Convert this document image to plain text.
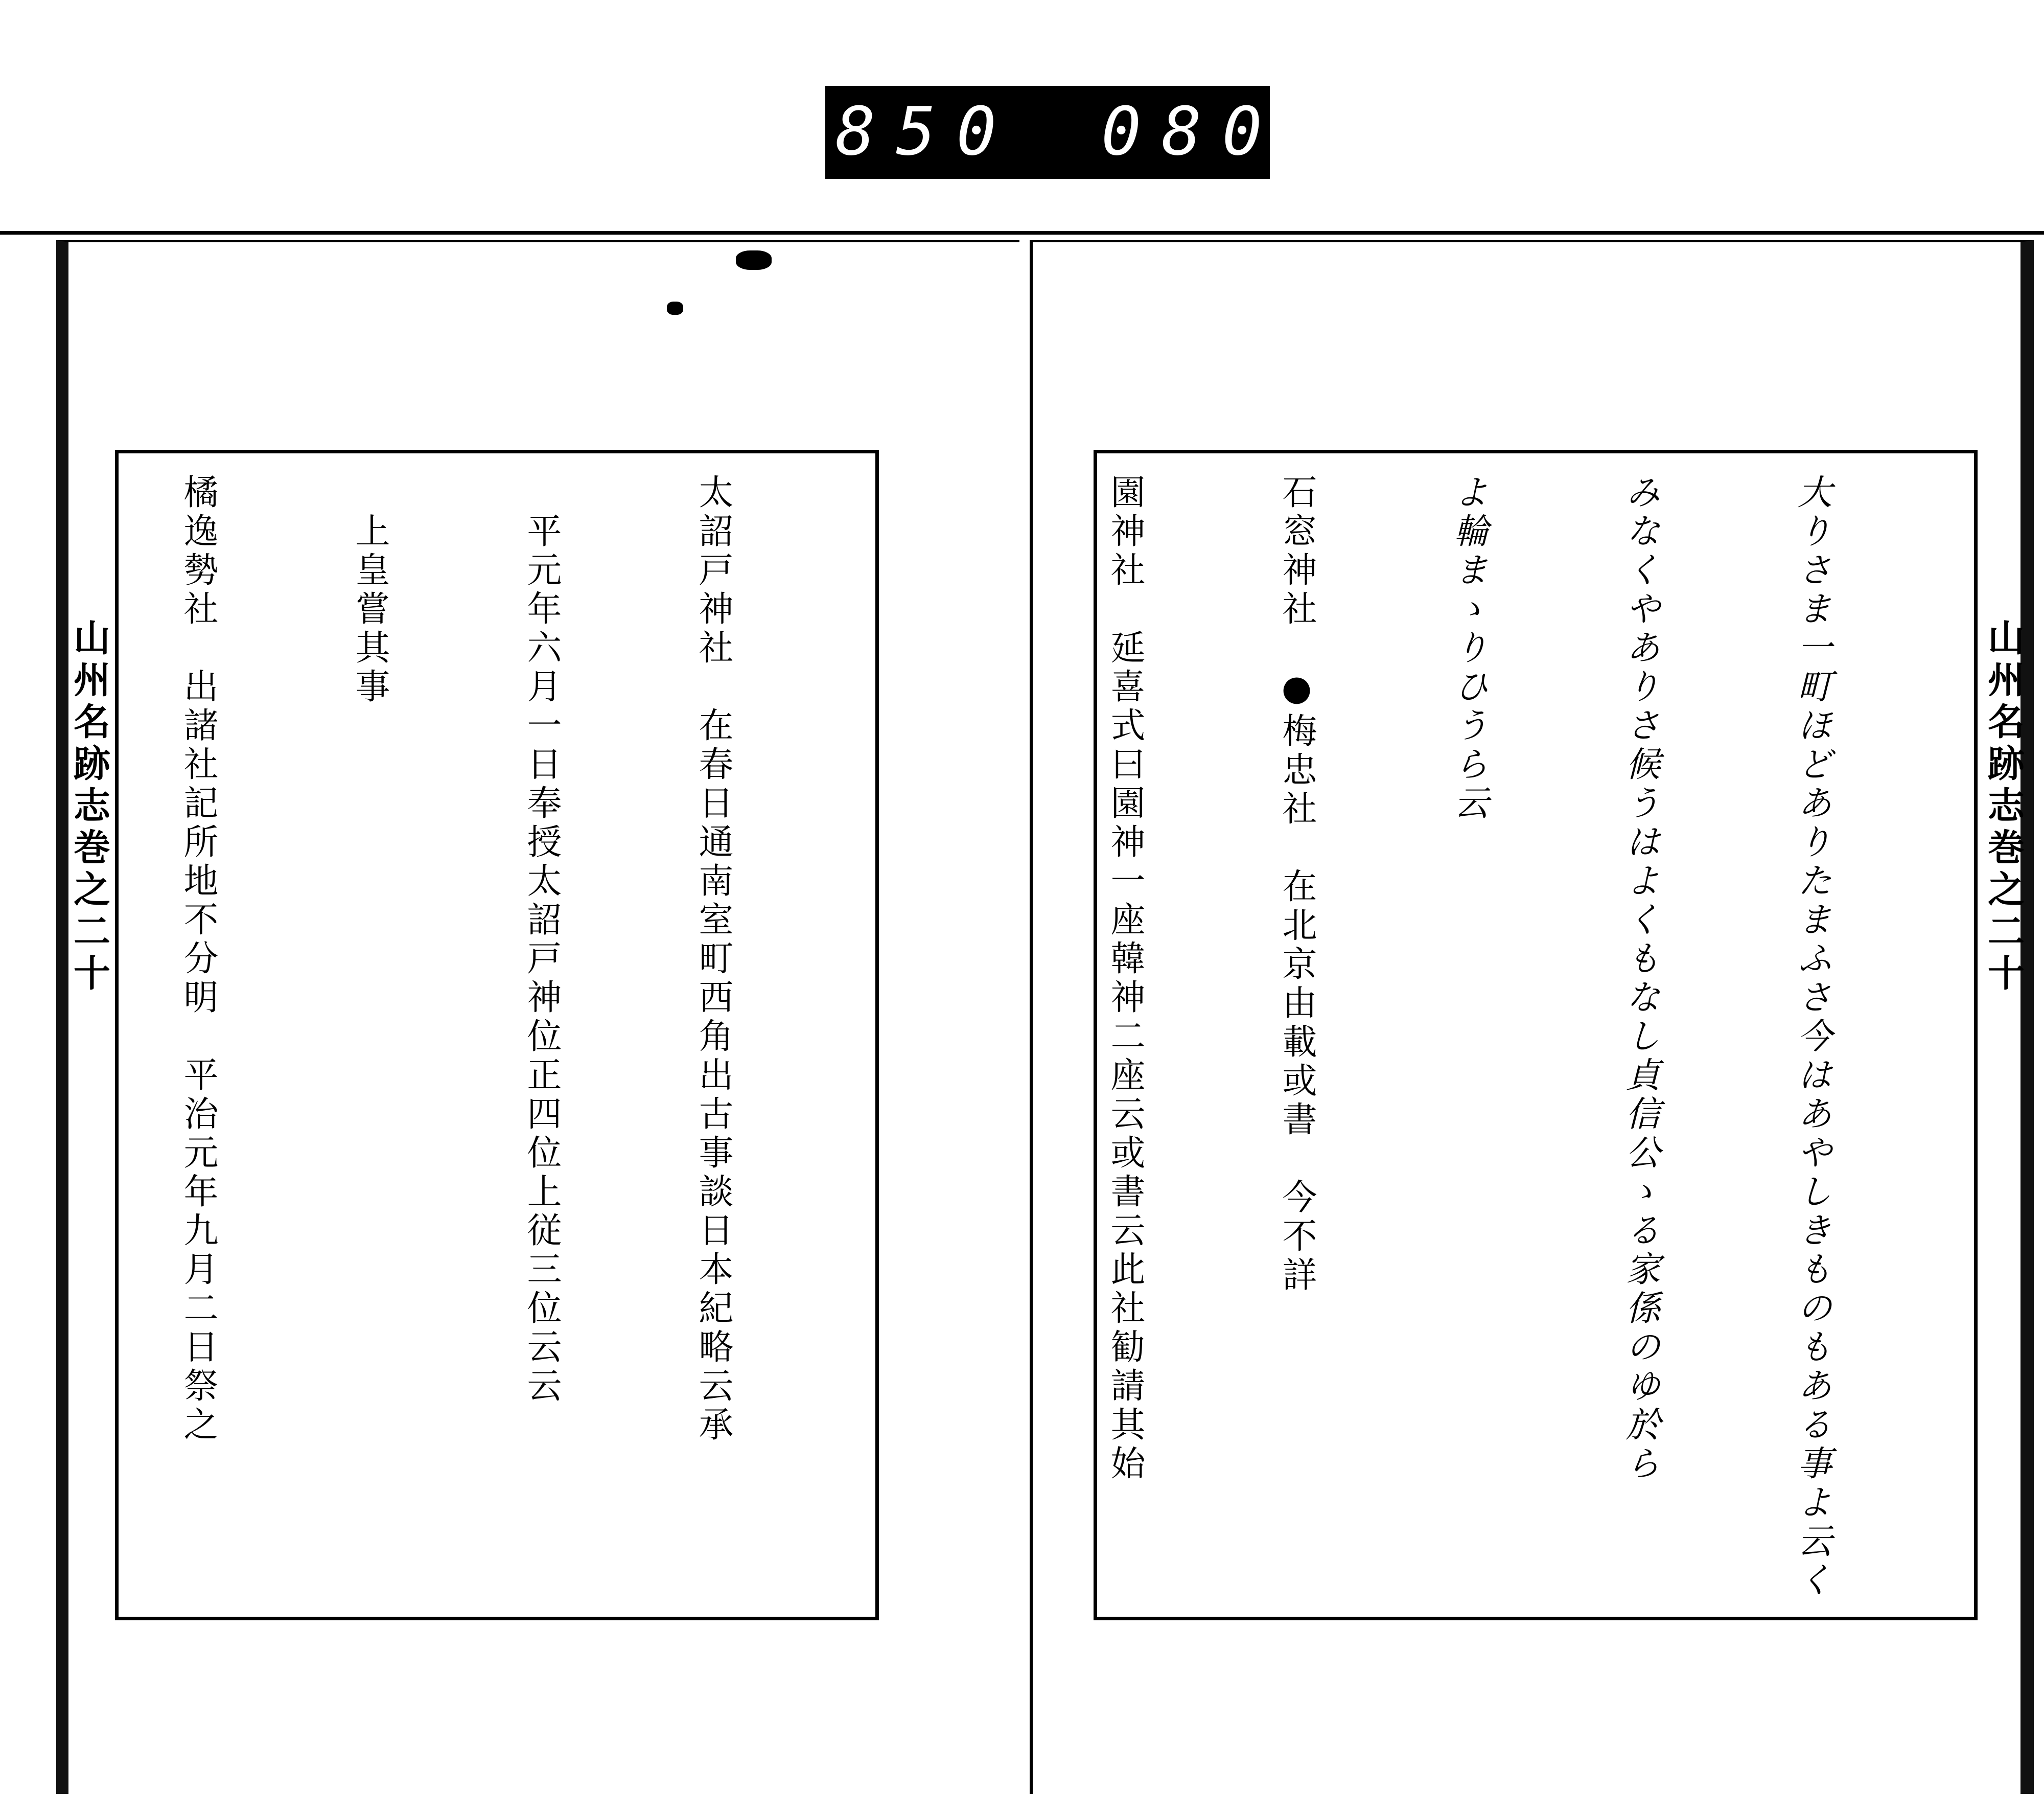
850 080.
山州名跡志巻之二十	山州名跡志巻之二十

太詔戸神社　在春日通南室町西角出古事談日本紀略云承

　平元年六月一日奉授太詔戸神位正四位上従三位云云

　上皇嘗其事

橘逸勢社　出諸社記所地不分明　平治元年九月二日祭之

	大りさま一町ほどありたまふさ今はあやしきものもある事よ云く

みなくやありさ候うはよくもなし貞信公ゝる家係のゆ於ら

よ輪まゝりひうら云

石窓神社　●梅忠社　在北京由載或書　今不詳

園神社　延喜式曰園神一座韓神二座云或書云此社勧請其始
